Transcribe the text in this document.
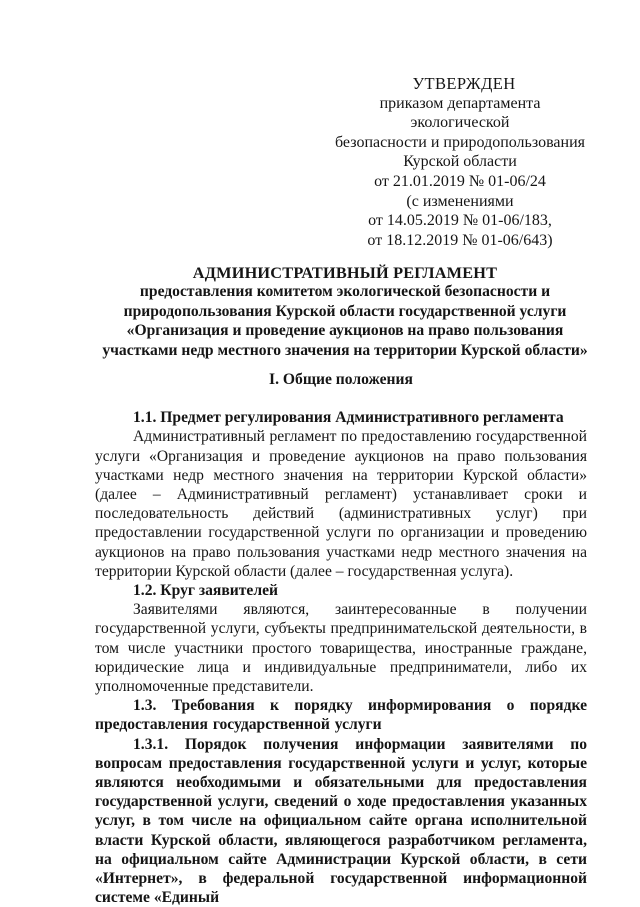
УТВЕРЖДЕН
приказом департамента экологической
безопасности и природопользования
Курской области
от 21.01.2019 № 01-06/24
(с изменениями
от 14.05.2019 № 01-06/183,
от 18.12.2019 № 01-06/643)
АДМИНИСТРАТИВНЫЙ РЕГЛАМЕНТ
предоставления комитетом экологической безопасности и
природопользования Курской области государственной услуги
«Организация и проведение аукционов на право пользования
участками недр местного значения на территории Курской области»
I. Общие положения

1.1. Предмет регулирования Административного регламента

Административный регламент по предоставлению государственной услуги «Организация и проведение аукционов на право пользования участками недр местного значения на территории Курской области» (далее – Административный регламент) устанавливает сроки и последовательность действий (административных услуг) при предоставлении государственной услуги по организации и проведению аукционов на право пользования участками недр местного значения на территории Курской области (далее – государственная услуга).

1.2. Круг заявителей

Заявителями являются, заинтересованные в получении государственной услуги, субъекты предпринимательской деятельности, в том числе участники простого товарищества, иностранные граждане, юридические лица и индивидуальные предприниматели, либо их уполномоченные представители.

1.3. Требования к порядку информирования о порядке предоставления государственной услуги

1.3.1. Порядок получения информации заявителями по вопросам предоставления государственной услуги и услуг, которые являются необходимыми и обязательными для предоставления государственной услуги, сведений о ходе предоставления указанных услуг, в том числе на официальном сайте органа исполнительной власти Курской области, являющегося разработчиком регламента, на официальном сайте Администрации Курской области, в сети «Интернет», в федеральной государственной информационной системе «Единый
